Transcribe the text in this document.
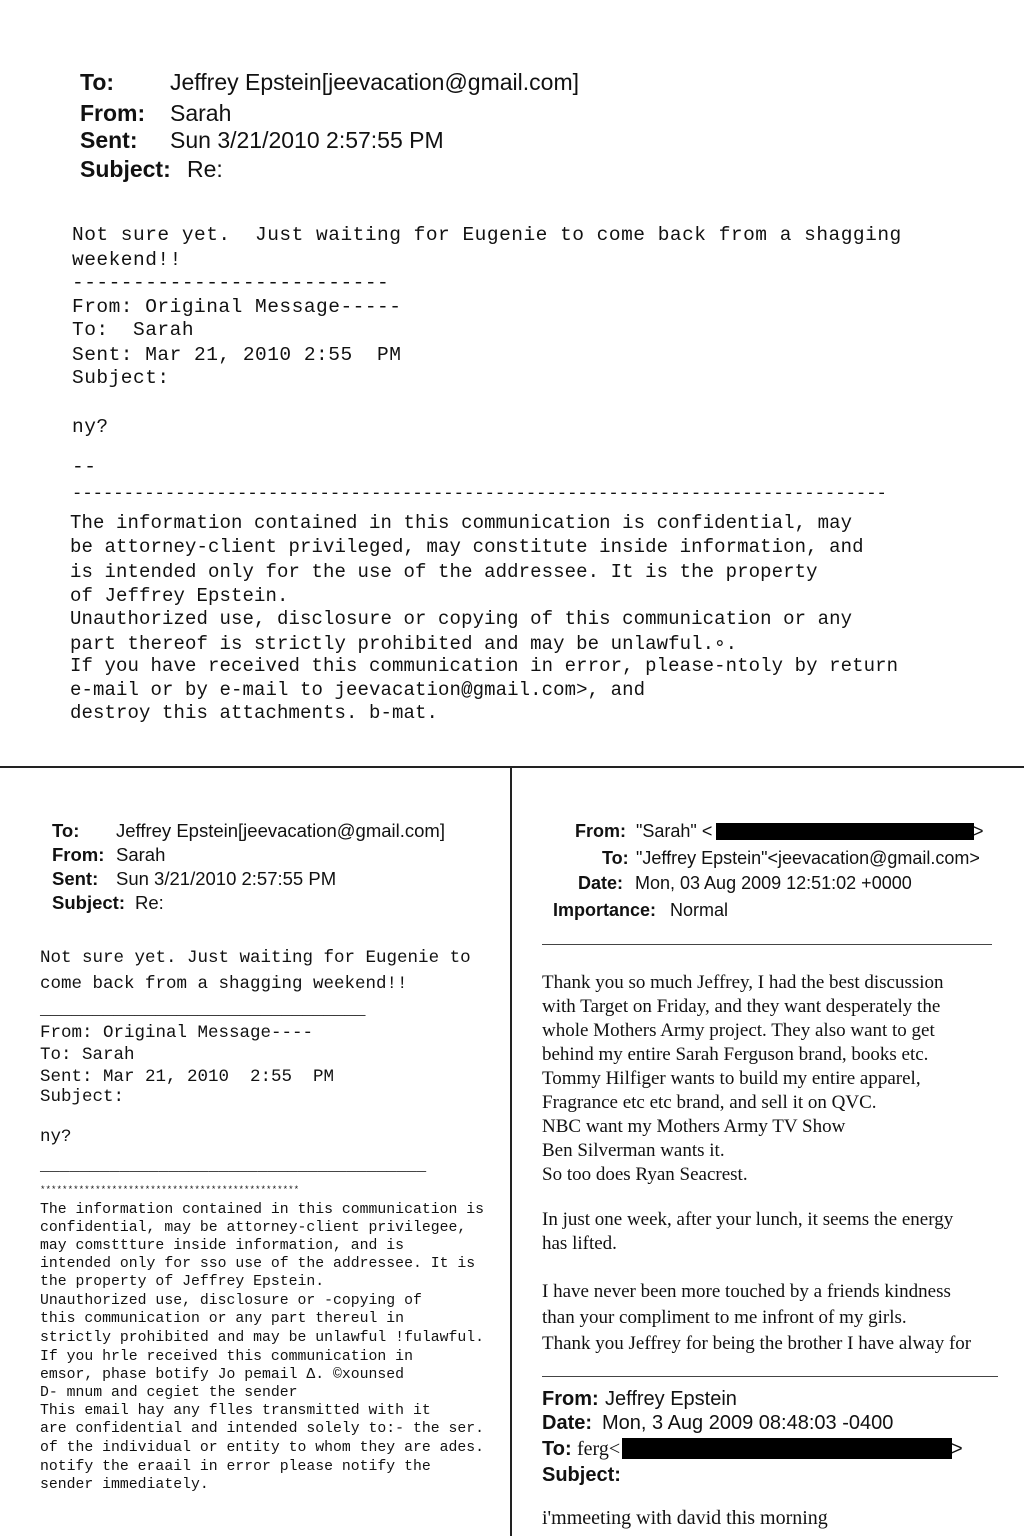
To: Jeffrey Epstein[jeevacation@gmail.com]
From: Sarah
Sent: Sun 3/21/2010 2:57:55 PM
Subject: Re:
Not sure yet.  Just waiting for Eugenie to come back from a shagging
weekend!!
--------------------------
From: Original Message-----
To:  Sarah
Sent: Mar 21, 2010 2:55  PM
Subject:
ny?
--
-------------------------------------------------------------------------------
The information contained in this communication is confidential, may
be attorney-client privileged, may constitute inside information, and
is intended only for the use of the addressee. It is the property
of Jeffrey Epstein.
Unauthorized use, disclosure or copying of this communication or any
part thereof is strictly prohibited and may be unlawful.∘.
If you have received this communication in error, please-ntoly by return
e-mail or by e-mail to jeevacation@gmail.com>, and
destroy this attachments. b-mat.
To: Jeffrey Epstein[jeevacation@gmail.com]
From: Sarah
Sent: Sun 3/21/2010 2:57:55 PM
Subject: Re:
Not sure yet. Just waiting for Eugenie to
come back from a shagging weekend!!
_______________________________
From: Original Message----
To: Sarah
Sent: Mar 21, 2010  2:55  PM
Subject:
ny?
_______________________________________
***********************************************
The information contained in this communication is
confidential, may be attorney-client privilegee,
may comsttture inside information, and is
intended only for sso use of the addressee. It is
the property of Jeffrey Epstein.
Unauthorized use, disclosure or -copying of
this communication or any part thereul in
strictly prohibited and may be unlawful !fulawful.
If you hrle received this communication in
emsor, phase botify Jo pemail Δ. ©xounsed
D- mnum and cegiet the sender
This email hay any flles transmitted with it
are confidential and intended solely to:- the ser.
of the individual or entity to whom they are ades.
notify the eraail in error please notify the
sender immediately.
From: "Sarah" <	>
To: "Jeffrey Epstein"<jeevacation@gmail.com>
Date: Mon, 03 Aug 2009 12:51:02 +0000
Importance: Normal
Thank you so much Jeffrey, I had the best discussion
with Target on Friday, and they want desperately the
whole Mothers Army project. They also want to get
behind my entire Sarah Ferguson brand, books etc.
Tommy Hilfiger wants to build my entire apparel,
Fragrance etc etc brand, and sell it on QVC.
NBC want my Mothers Army TV Show
Ben Silverman wants it.
So too does Ryan Seacrest.
In just one week, after your lunch, it seems the energy
has lifted.
I have never been more touched by a friends kindness
than your compliment to me infront of my girls.
Thank you Jeffrey for being the brother I have alway for
From: Jeffrey Epstein
Date: Mon, 3 Aug 2009 08:48:03 -0400
To: ferg<	>
Subject:
i'mmeeting with david this morning
